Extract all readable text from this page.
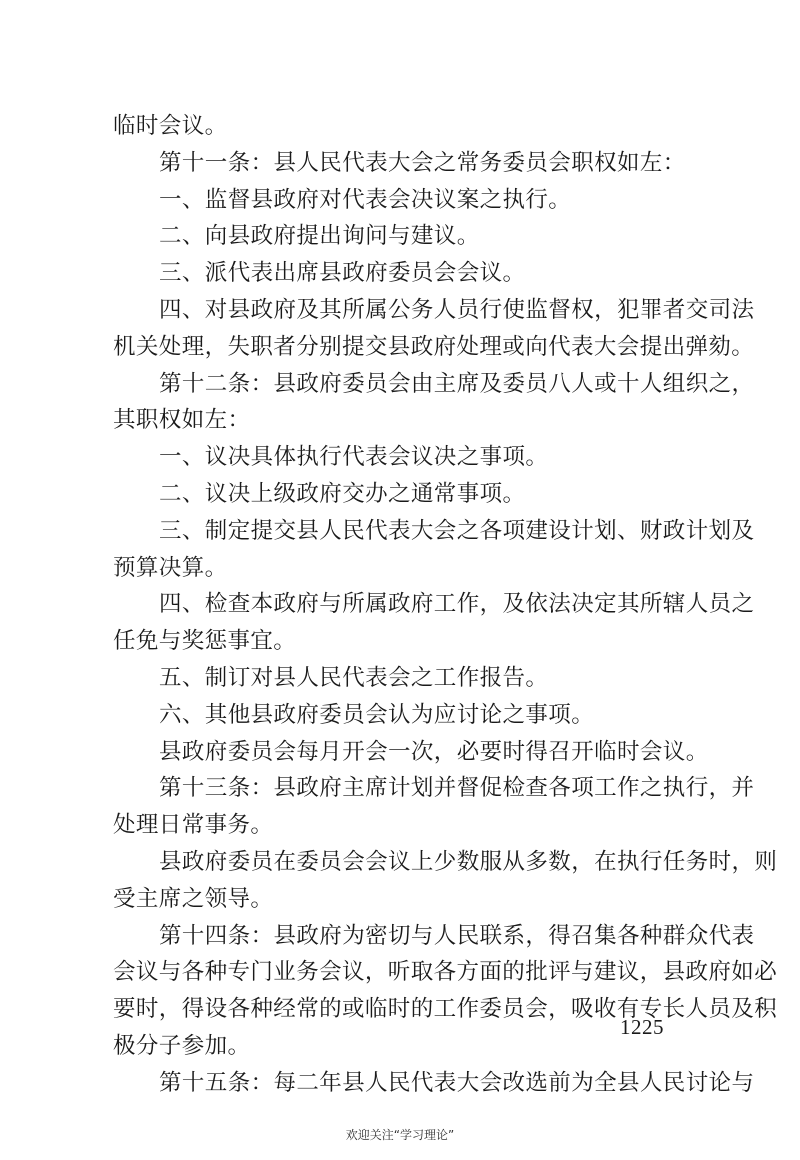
临时会议。
第十一条：县人民代表大会之常务委员会职权如左：
一、监督县政府对代表会决议案之执行。
二、向县政府提出询问与建议。
三、派代表出席县政府委员会会议。
四、对县政府及其所属公务人员行使监督权，犯罪者交司法
机关处理，失职者分别提交县政府处理或向代表大会提出弹劾。
第十二条：县政府委员会由主席及委员八人或十人组织之，
其职权如左：
一、议决具体执行代表会议决之事项。
二、议决上级政府交办之通常事项。
三、制定提交县人民代表大会之各项建设计划、财政计划及
预算决算。
四、检查本政府与所属政府工作，及依法决定其所辖人员之
任免与奖惩事宜。
五、制订对县人民代表会之工作报告。
六、其他县政府委员会认为应讨论之事项。
县政府委员会每月开会一次，必要时得召开临时会议。
第十三条：县政府主席计划并督促检查各项工作之执行，并
处理日常事务。
县政府委员在委员会会议上少数服从多数，在执行任务时，则
受主席之领导。
第十四条：县政府为密切与人民联系，得召集各种群众代表
会议与各种专门业务会议，听取各方面的批评与建议，县政府如必
要时，得设各种经常的或临时的工作委员会，吸收有专长人员及积
极分子参加。
第十五条：每二年县人民代表大会改选前为全县人民讨论与
1225
欢迎关注“学习理论”
